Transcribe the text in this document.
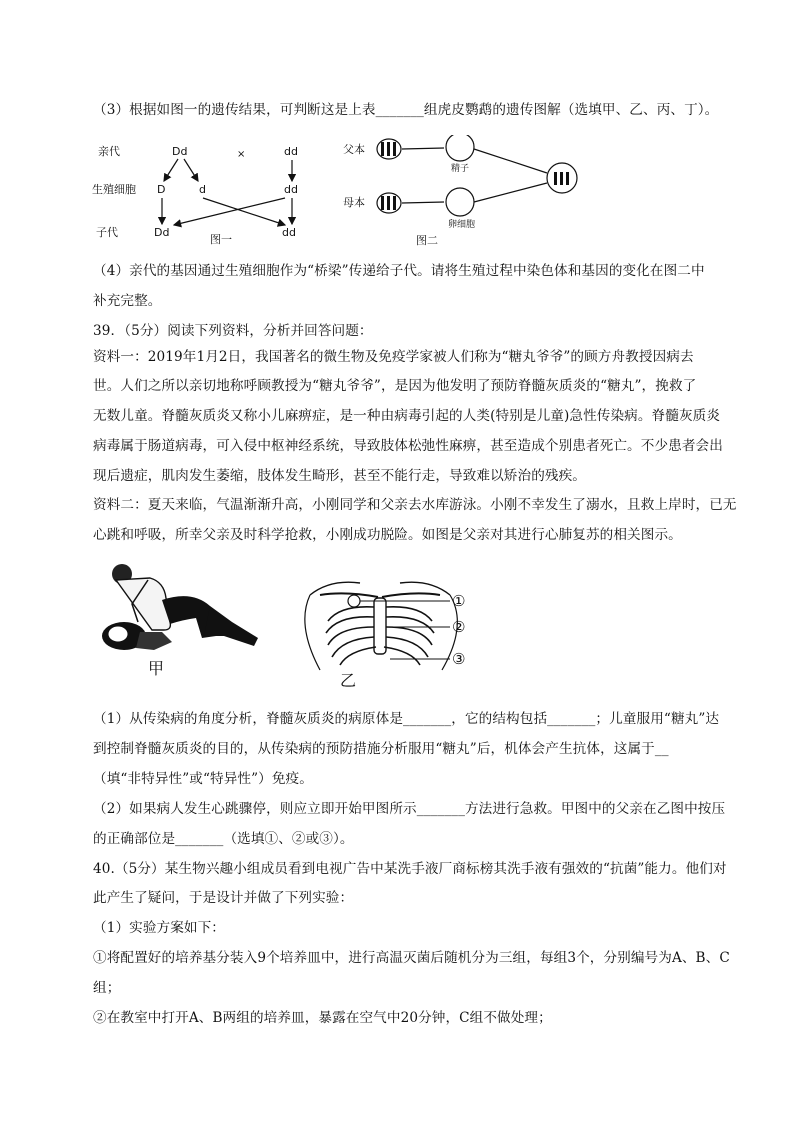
（3）根据如图一的遗传结果，可判断这是上表_______组虎皮鹦鹉的遗传图解（选填甲、乙、丙、丁）。
亲代
生殖细胞
子代
Dd	×	dd
D	d	dd
Dd	dd
图一
父本
母本
精子
卵细胞
图二
（4）亲代的基因通过生殖细胞作为“桥梁”传递给子代。请将生殖过程中染色体和基因的变化在图二中
补充完整。
39．（5分）阅读下列资料，分析并回答问题：
资料一：2019年1月2日，我国著名的微生物及免疫学家被人们称为“糖丸爷爷”的顾方舟教授因病去
世。人们之所以亲切地称呼顾教授为“糖丸爷爷”，是因为他发明了预防脊髓灰质炎的“糖丸”，挽救了
无数儿童。脊髓灰质炎又称小儿麻痹症，是一种由病毒引起的人类(特别是儿童)急性传染病。脊髓灰质炎
病毒属于肠道病毒，可入侵中枢神经系统，导致肢体松弛性麻痹，甚至造成个别患者死亡。不少患者会出
现后遗症，肌肉发生萎缩，肢体发生畸形，甚至不能行走，导致难以矫治的残疾。
资料二：夏天来临，气温渐渐升高，小刚同学和父亲去水库游泳。小刚不幸发生了溺水，且救上岸时，已无
心跳和呼吸，所幸父亲及时科学抢救，小刚成功脱险。如图是父亲对其进行心肺复苏的相关图示。
甲
①
②
③
乙
（1）从传染病的角度分析，脊髓灰质炎的病原体是_______，它的结构包括_______；儿童服用“糖丸”达
到控制脊髓灰质炎的目的，从传染病的预防措施分析服用“糖丸”后，机体会产生抗体，这属于__
（填“非特异性”或“特异性”）免疫。
（2）如果病人发生心跳骤停，则应立即开始甲图所示_______方法进行急救。甲图中的父亲在乙图中按压
的正确部位是_______（选填①、②或③）。
40.（5分）某生物兴趣小组成员看到电视广告中某洗手液厂商标榜其洗手液有强效的“抗菌”能力。他们对
此产生了疑问，于是设计并做了下列实验：
（1）实验方案如下：
①将配置好的培养基分装入9个培养皿中，进行高温灭菌后随机分为三组，每组3个，分别编号为A、B、C
组；
②在教室中打开A、B两组的培养皿，暴露在空气中20分钟，C组不做处理；
